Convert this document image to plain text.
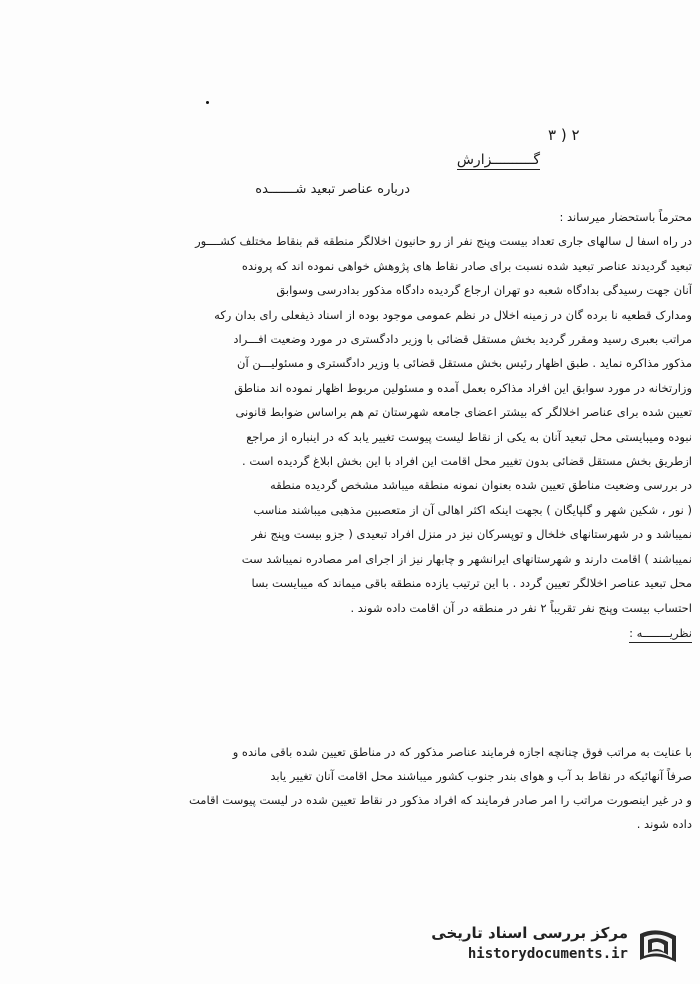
۲ ( ۳
گــــــــــزارش
درباره عناصر تبعید شـــــــده

محترماً باستحضار میرساند :

در راه اسفا ل سالهای جاری تعداد بیست وپنج نفر از رو حانیون اخلالگر منطقه قم بنقاط مختلف کشــــور

تبعید گردیدند عناصر تبعید شده نسبت برای صادر نقاط های پژوهش خواهی نموده اند که پرونده

آنان جهت رسیدگی بدادگاه شعبه دو تهران ارجاع گردیده دادگاه مذکور بدادرسی وسوابق

ومدارک قطعیه نا برده گان در زمینه اخلال در نظم عمومی موجود بوده از اسناد ذیفعلی رای بدان رکه

مراتب بعبری رسید ومقرر گردید بخش مستقل قضائی با وزیر دادگستری در مورد وضعیت افـــراد

مذکور مذاکره نماید . طبق اظهار رئیس بخش مستقل قضائی با وزیر دادگستری و مسئولیـــن آن

وزارتخانه در مورد سوابق این افراد مذاکره بعمل آمده و مسئولین مربوط اظهار نموده اند مناطق

تعیین شده برای عناصر اخلالگر که بیشتر اعضای جامعه شهرستان تم هم براساس ضوابط قانونی

نبوده ومیبایستی محل تبعید آنان به یکی از نقاط لیست پیوست تغییر یابد که در اینباره از مراجع

ازطریق بخش مستقل قضائی بدون تغییر محل اقامت این افراد با این بخش ابلاغ گردیده است .

در بررسی وضعیت مناطق تعیین شده بعنوان نمونه منطقه میباشد مشخص گردیده منطقه

( نور ، شکین شهر و گلپایگان ) بجهت اینکه اکثر اهالی آن از متعصبین مذهبی میباشند مناسب

نمیباشد و در شهرستانهای خلخال و توپسرکان نیز در منزل افراد تبعیدی ( جزو بیست وپنج نفر

نمیباشند ) اقامت دارند و شهرستانهای ایرانشهر و چابهار نیز از اجرای امر مصادره نمیباشد ست

محل تبعید عناصر اخلالگر تعیین گردد . با این ترتیب یازده منطقه باقی میماند که میبایست بسا

احتساب بیست وپنج نفر تقریباً ۲ نفر در منطقه در آن اقامت داده شوند .

نظریــــــــه :

با عنایت به مراتب فوق چنانچه اجازه فرمایند عناصر مذکور که در مناطق تعیین شده باقی مانده و

صرفاً آنهائیکه در نقاط بد آب و هوای بندر جنوب کشور میباشند محل اقامت آنان تغییر یابد

و در غیر اینصورت مراتب را امر صادر فرمایند که افراد مذکور در نقاط تعیین شده در لیست پیوست اقامت

داده شوند .

مرکز بررسی اسناد تاریخی
historydocuments.ir
